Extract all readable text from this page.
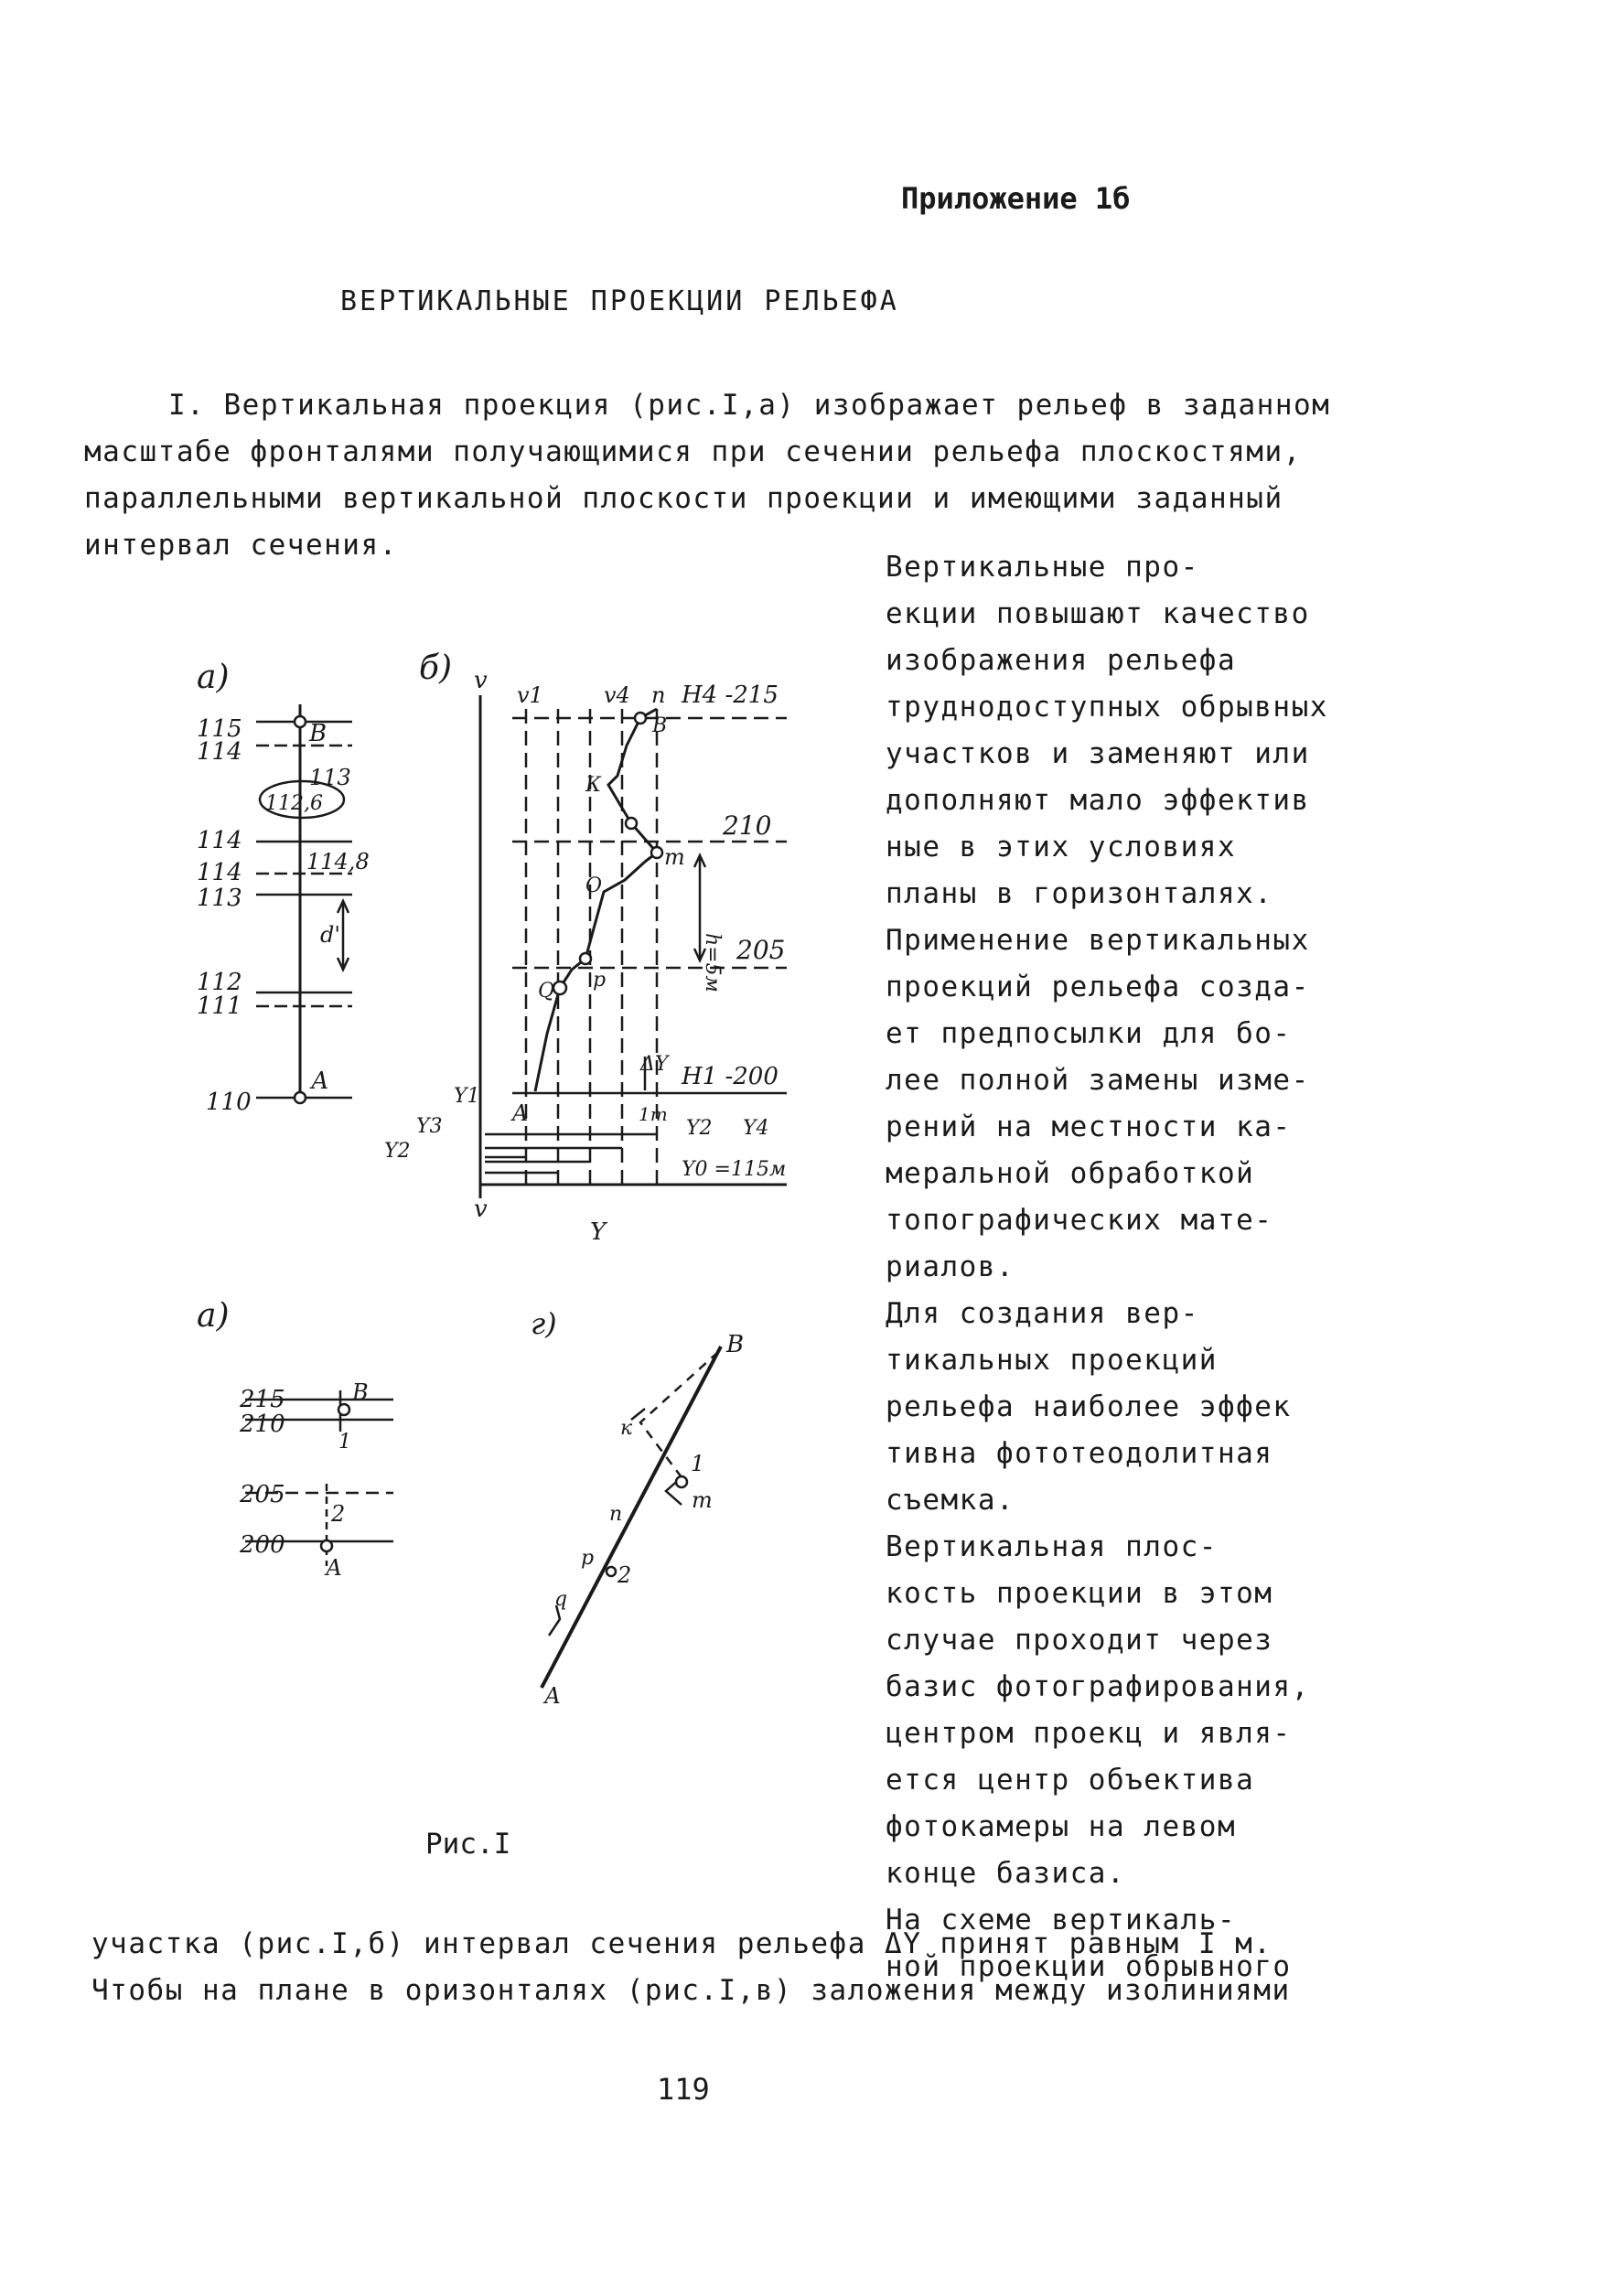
Приложение 1б
ВЕРТИКАЛЬНЫЕ ПРОЕКЦИИ РЕЛЬЕФА
I. Вертикальная проекция (рис.I,а) изображает рельеф в заданном
масштабе фронталями получающимися при сечении рельефа плоскостями,
параллельными вертикальной плоскости проекции и имеющими заданный
интервал сечения.
Вертикальные про-
екции повышают качество
изображения рельефа
труднодоступных обрывных
участков и заменяют или
дополняют мало эффектив
ные в этих условиях
планы в горизонталях.
Применение вертикальных
проекций рельефа созда-
ет предпосылки для бо-
лее полной замены изме-
рений на местности ка-
меральной обработкой
топографических мате-
риалов.
Для создания вер-
тикальных проекций
рельефа наиболее эффек
тивна фототеодолитная
съемка.
Вертикальная плос-
кость проекции в этом
случае проходит через
базис фотографирования,
центром проекц и явля-
ется центр объектива
фотокамеры на левом
конце базиса.
На схеме вертикаль-
ной проекции обрывного
участка (рис.I,б) интервал сечения рельефа ΔY принят равным I м.
Чтобы на плане в оризонталях (рис.I,в) заложения между изолиниями
Рис.I
119
а)
115
114
114
114
113
112
111
110
В
113
112,6
114,8
d'
А
б) v
v
Y
v1	v4 n H4 -215
210
205
H1 -200
h=5м
ΔY
Y1
Y3
Y2
Y2 Y4
Y0 =115м
В
К
m
Q
О
p
A	1m
а)
215
210
205
200
В
1
2
А
г)
В
к
1
m
n
p
2
q
А
